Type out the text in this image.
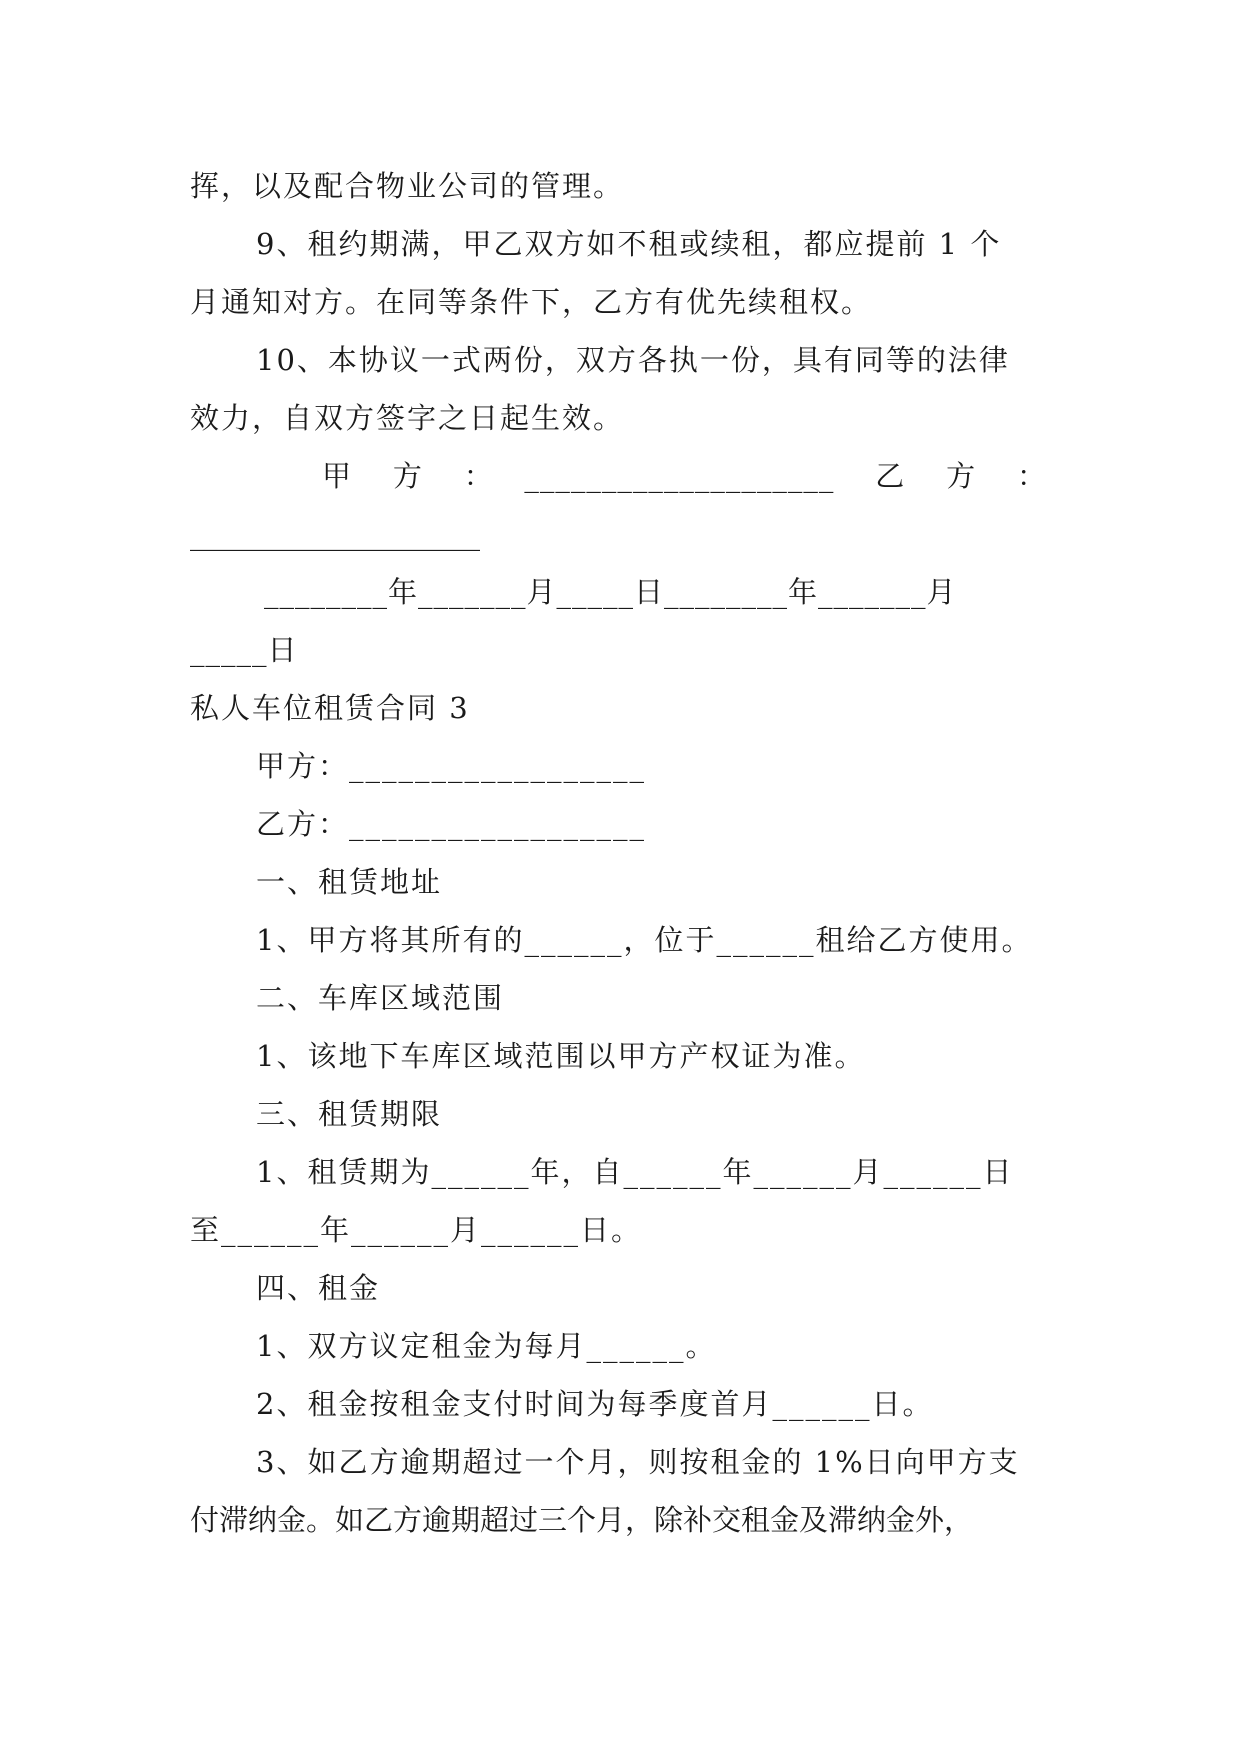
挥，以及配合物业公司的管理。
9、租约期满，甲乙双方如不租或续租，都应提前 1 个
月通知对方。在同等条件下，乙方有优先续租权。
10、本协议一式两份，双方各执一份，具有同等的法律
效力，自双方签字之日起生效。
甲    方    ：   ____________________    乙    方    ：
____________________
________年_______月_____日________年_______月
_____日
私人车位租赁合同 3
甲方：__________________
乙方：__________________
一、租赁地址
1、甲方将其所有的______，位于______租给乙方使用。
二、车库区域范围
1、该地下车库区域范围以甲方产权证为准。
三、租赁期限
1、租赁期为______年，自______年______月______日
至______年______月______日。
四、租金
1、双方议定租金为每月______。
2、租金按租金支付时间为每季度首月______日。
3、如乙方逾期超过一个月，则按租金的 1%日向甲方支
付滞纳金。如乙方逾期超过三个月，除补交租金及滞纳金外，
